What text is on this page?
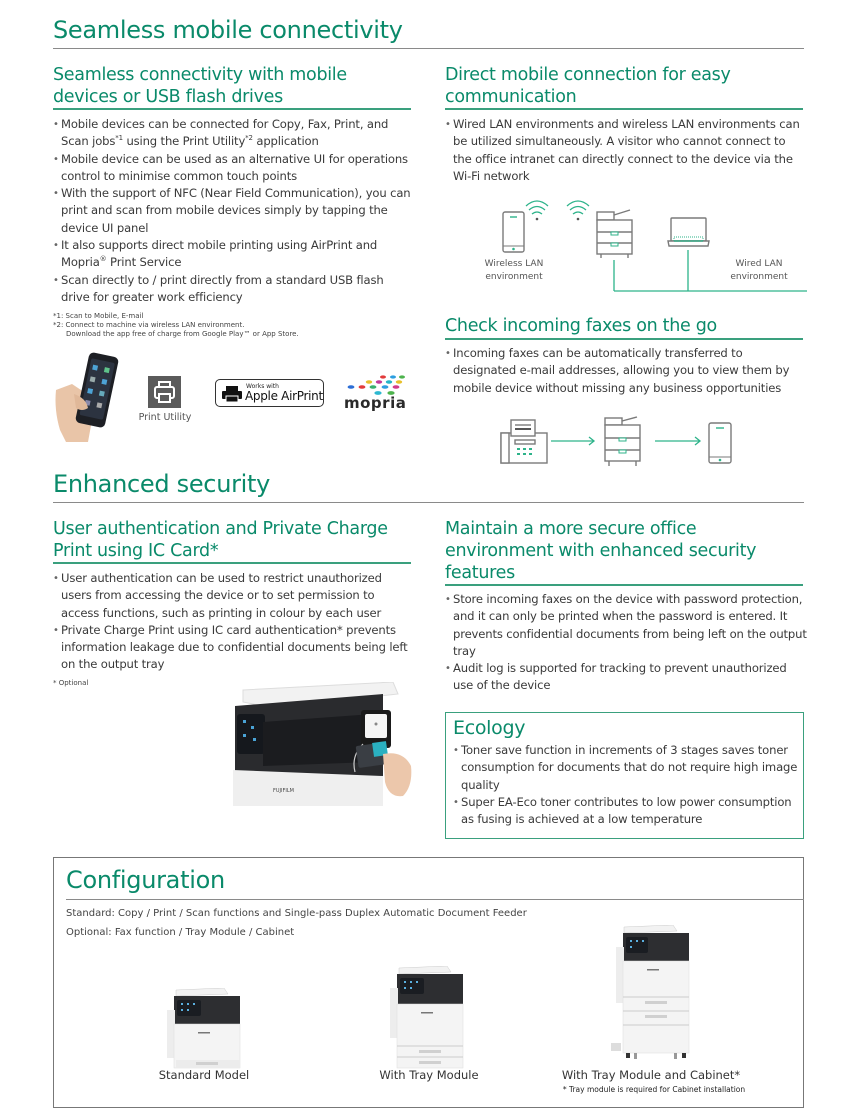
Seamless mobile connectivity
Seamless connectivity with mobile
devices or USB flash drives
• Mobile devices can be connected for Copy, Fax, Print, and Scan jobs$^{*1}$ using the Print Utility$^{*2}$ application
• Mobile device can be used as an alternative UI for operations control to minimise common touch points
• With the support of NFC (Near Field Communication), you can print and scan from mobile devices simply by tapping the device UI panel
• It also supports direct mobile printing using AirPrint and Mopria® Print Service
• Scan directly to / print directly from a standard USB flash drive for greater work efficiency
*1: Scan to Mobile, E-mail
*2: Connect to machine via wireless LAN environment.
Download the app free of charge from Google Play™ or App Store.
Print Utility
Works with
Apple AirPrint mopria
Direct mobile connection for easy
communication
• Wired LAN environments and wireless LAN environments can be utilized simultaneously. A visitor who cannot connect to the office intranet can directly connect to the device via the Wi-Fi network
Wireless LAN
environment
Wired LAN
environment
Check incoming faxes on the go
• Incoming faxes can be automatically transferred to designated e-mail addresses, allowing you to view them by mobile device without missing any business opportunities
Enhanced security
User authentication and Private Charge
Print using IC Card*
• User authentication can be used to restrict unauthorized users from accessing the device or to set permission to access functions, such as printing in colour by each user
• Private Charge Print using IC card authentication* prevents information leakage due to confidential documents being left on the output tray
* Optional
FUJIFILM
Maintain a more secure office
environment with enhanced security
features
• Store incoming faxes on the device with password protection, and it can only be printed when the password is entered. It prevents confidential documents from being left on the output tray
• Audit log is supported for tracking to prevent unauthorized use of the device
Ecology
• Toner save function in increments of 3 stages saves toner consumption for documents that do not require high image quality
• Super EA-Eco toner contributes to low power consumption as fusing is achieved at a low temperature
Configuration
Standard: Copy / Print / Scan functions and Single-pass Duplex Automatic Document Feeder
Optional: Fax function / Tray Module / Cabinet
Standard Model	With Tray Module	With Tray Module and Cabinet*
* Tray module is required for Cabinet installation
